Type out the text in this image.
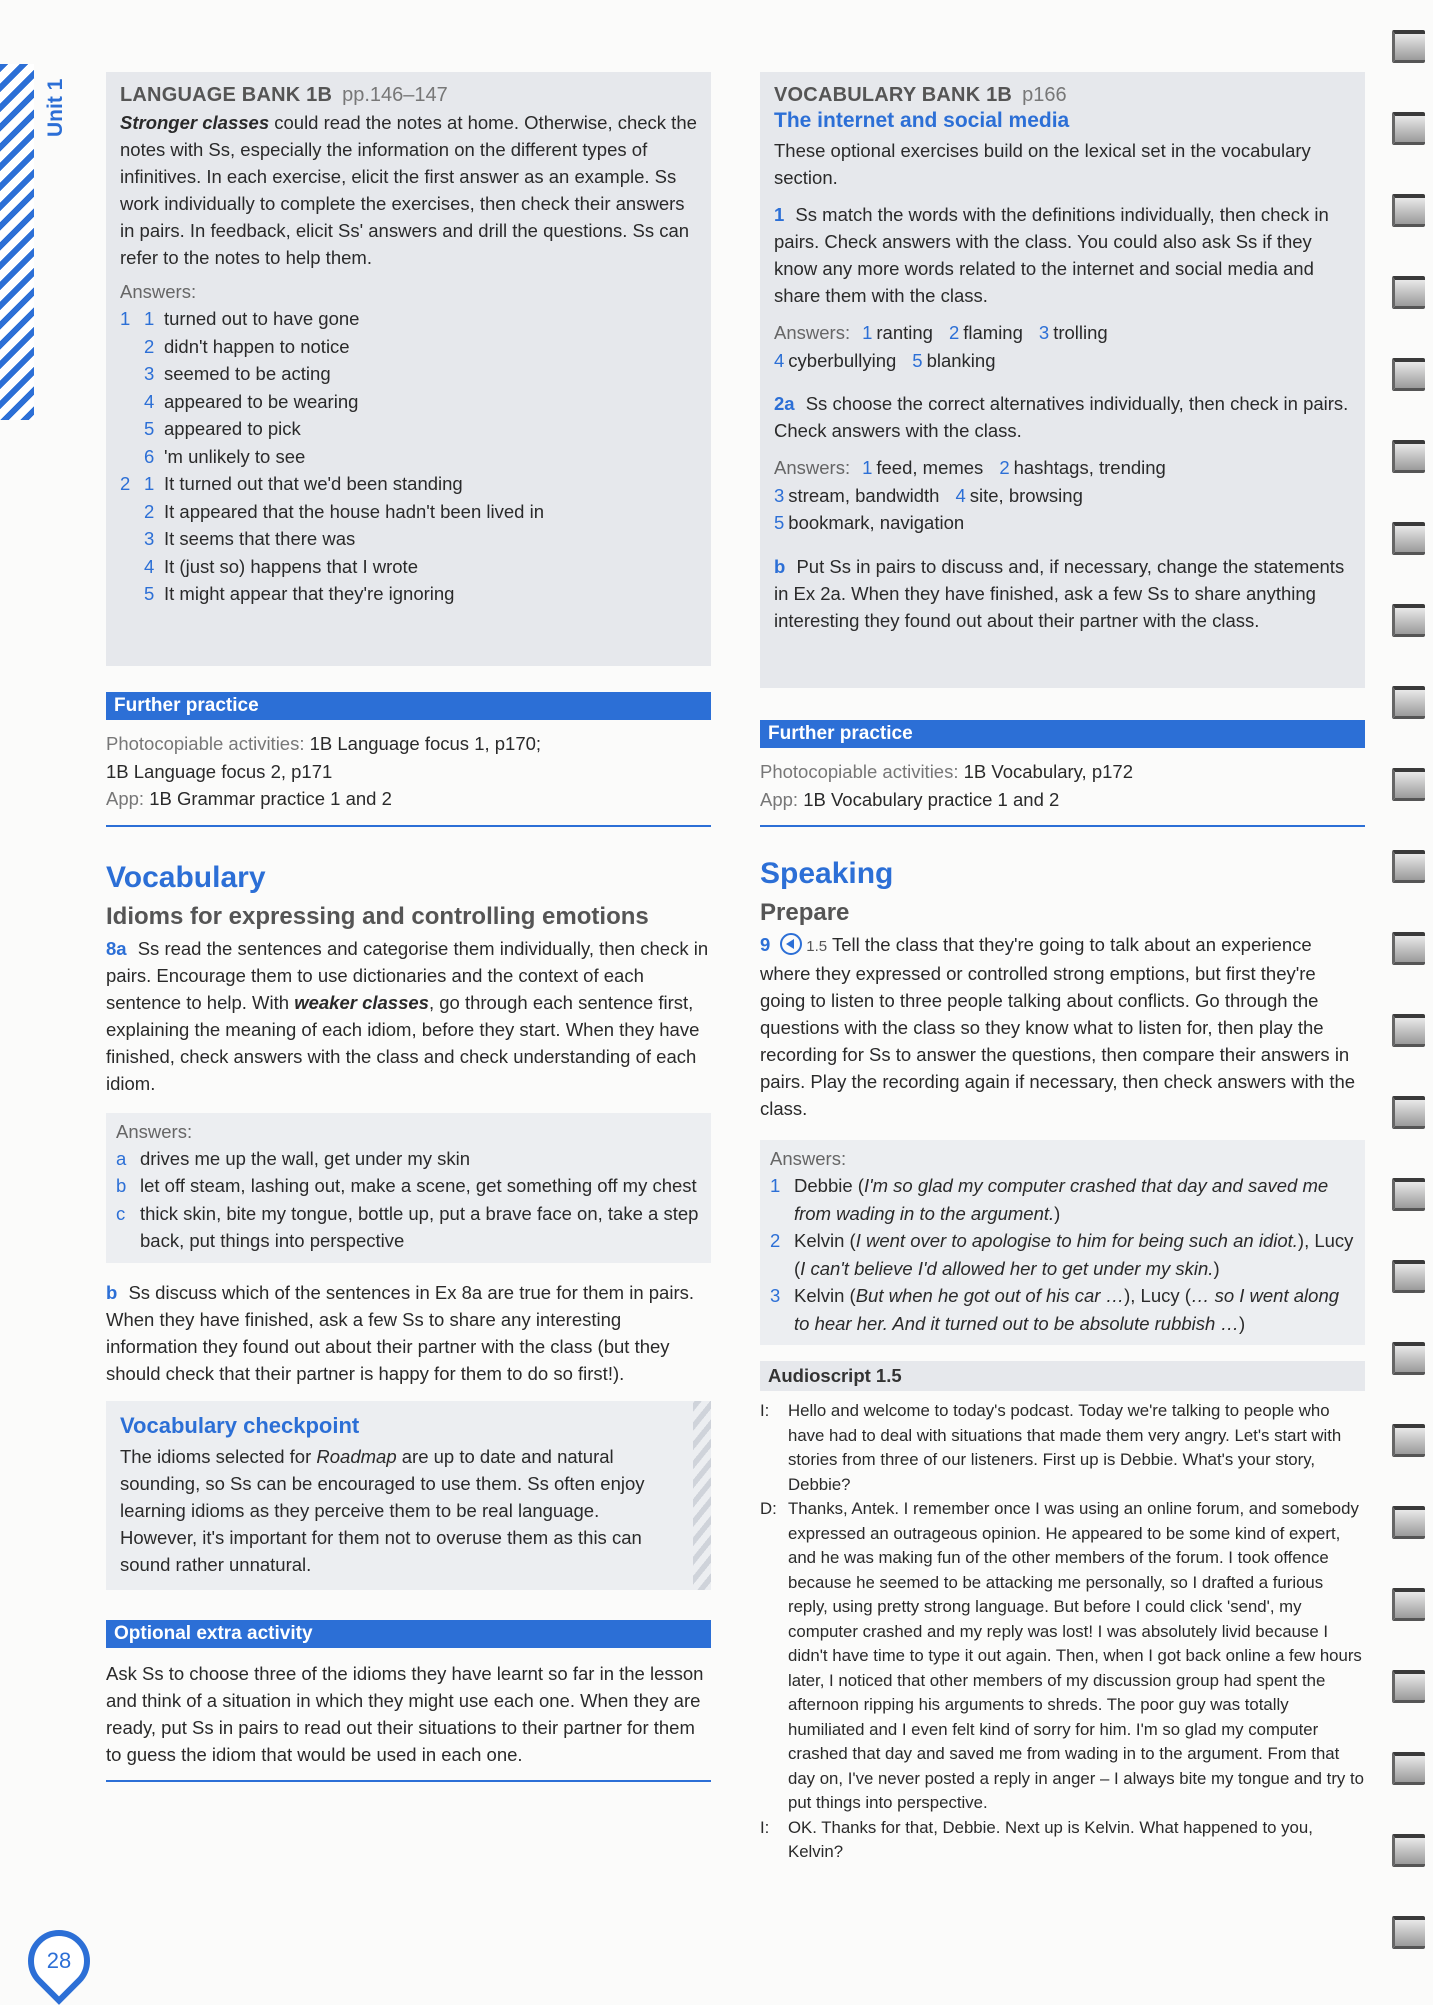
Unit 1	LANGUAGE BANK 1B pp.146–147

Stronger classes could read the notes at home. Otherwise, check the notes with Ss, especially the information on the different types of infinitives. In each exercise, elicit the first answer as an example. Ss work individually to complete the exercises, then check their answers in pairs. In feedback, elicit Ss' answers and drill the questions. Ss can refer to the notes to help them.

Answers:
1 1 turned out to have gone
2 didn't happen to notice
3 seemed to be acting
4 appeared to be wearing
5 appeared to pick
6 'm unlikely to see
2 1 It turned out that we'd been standing
2 It appeared that the house hadn't been lived in
3 It seems that there was
4 It (just so) happens that I wrote
5 It might appear that they're ignoring
Further practice
Photocopiable activities: 1B Language focus 1, p170;
1B Language focus 2, p171
App: 1B Grammar practice 1 and 2
Vocabulary
Idioms for expressing and controlling emotions

8a Ss read the sentences and categorise them individually, then check in pairs. Encourage them to use dictionaries and the context of each sentence to help. With weaker classes, go through each sentence first, explaining the meaning of each idiom, before they start. When they have finished, check answers with the class and check understanding of each idiom.

Answers:
a drives me up the wall, get under my skin
b let off steam, lashing out, make a scene, get something off my chest
c thick skin, bite my tongue, bottle up, put a brave face on, take a step back, put things into perspective

b Ss discuss which of the sentences in Ex 8a are true for them in pairs. When they have finished, ask a few Ss to share any interesting information they found out about their partner with the class (but they should check that their partner is happy for them to do so first!).

Vocabulary checkpoint

The idioms selected for Roadmap are up to date and natural sounding, so Ss can be encouraged to use them. Ss often enjoy learning idioms as they perceive them to be real language. However, it's important for them not to overuse them as this can sound rather unnatural.

Optional extra activity

Ask Ss to choose three of the idioms they have learnt so far in the lesson and think of a situation in which they might use each one. When they are ready, put Ss in pairs to read out their situations to their partner for them to guess the idiom that would be used in each one.

VOCABULARY BANK 1B p166
The internet and social media

These optional exercises build on the lexical set in the vocabulary section.

1 Ss match the words with the definitions individually, then check in pairs. Check answers with the class. You could also ask Ss if they know any more words related to the internet and social media and share them with the class.

Answers: 1 ranting 2 flaming 3 trolling
4 cyberbullying 5 blanking

2a Ss choose the correct alternatives individually, then check in pairs. Check answers with the class.

Answers: 1 feed, memes 2 hashtags, trending
3 stream, bandwidth 4 site, browsing
5 bookmark, navigation

b Put Ss in pairs to discuss and, if necessary, change the statements in Ex 2a. When they have finished, ask a few Ss to share anything interesting they found out about their partner with the class.

Further practice
Photocopiable activities: 1B Vocabulary, p172
App: 1B Vocabulary practice 1 and 2
Speaking
Prepare

9 1.5 Tell the class that they're going to talk about an experience where they expressed or controlled strong emptions, but first they're going to listen to three people talking about conflicts. Go through the questions with the class so they know what to listen for, then play the recording for Ss to answer the questions, then compare their answers in pairs. Play the recording again if necessary, then check answers with the class.

Answers:
1 Debbie (I'm so glad my computer crashed that day and saved me from wading in to the argument.)
2 Kelvin (I went over to apologise to him for being such an idiot.), Lucy (I can't believe I'd allowed her to get under my skin.)
3 Kelvin (But when he got out of his car …), Lucy (… so I went along to hear her. And it turned out to be absolute rubbish …)
Audioscript 1.5
I:	Hello and welcome to today's podcast. Today we're talking to people who have had to deal with situations that made them very angry. Let's start with stories from three of our listeners. First up is Debbie. What's your story, Debbie?
D: Thanks, Antek. I remember once I was using an online forum, and somebody expressed an outrageous opinion. He appeared to be some kind of expert, and he was making fun of the other members of the forum. I took offence because he seemed to be attacking me personally, so I drafted a furious reply, using pretty strong language. But before I could click 'send', my computer crashed and my reply was lost! I was absolutely livid because I didn't have time to type it out again. Then, when I got back online a few hours later, I noticed that other members of my discussion group had spent the afternoon ripping his arguments to shreds. The poor guy was totally humiliated and I even felt kind of sorry for him. I'm so glad my computer crashed that day and saved me from wading in to the argument. From that day on, I've never posted a reply in anger – I always bite my tongue and try to put things into perspective.
I:	OK. Thanks for that, Debbie. Next up is Kelvin. What happened to you, Kelvin?
28
